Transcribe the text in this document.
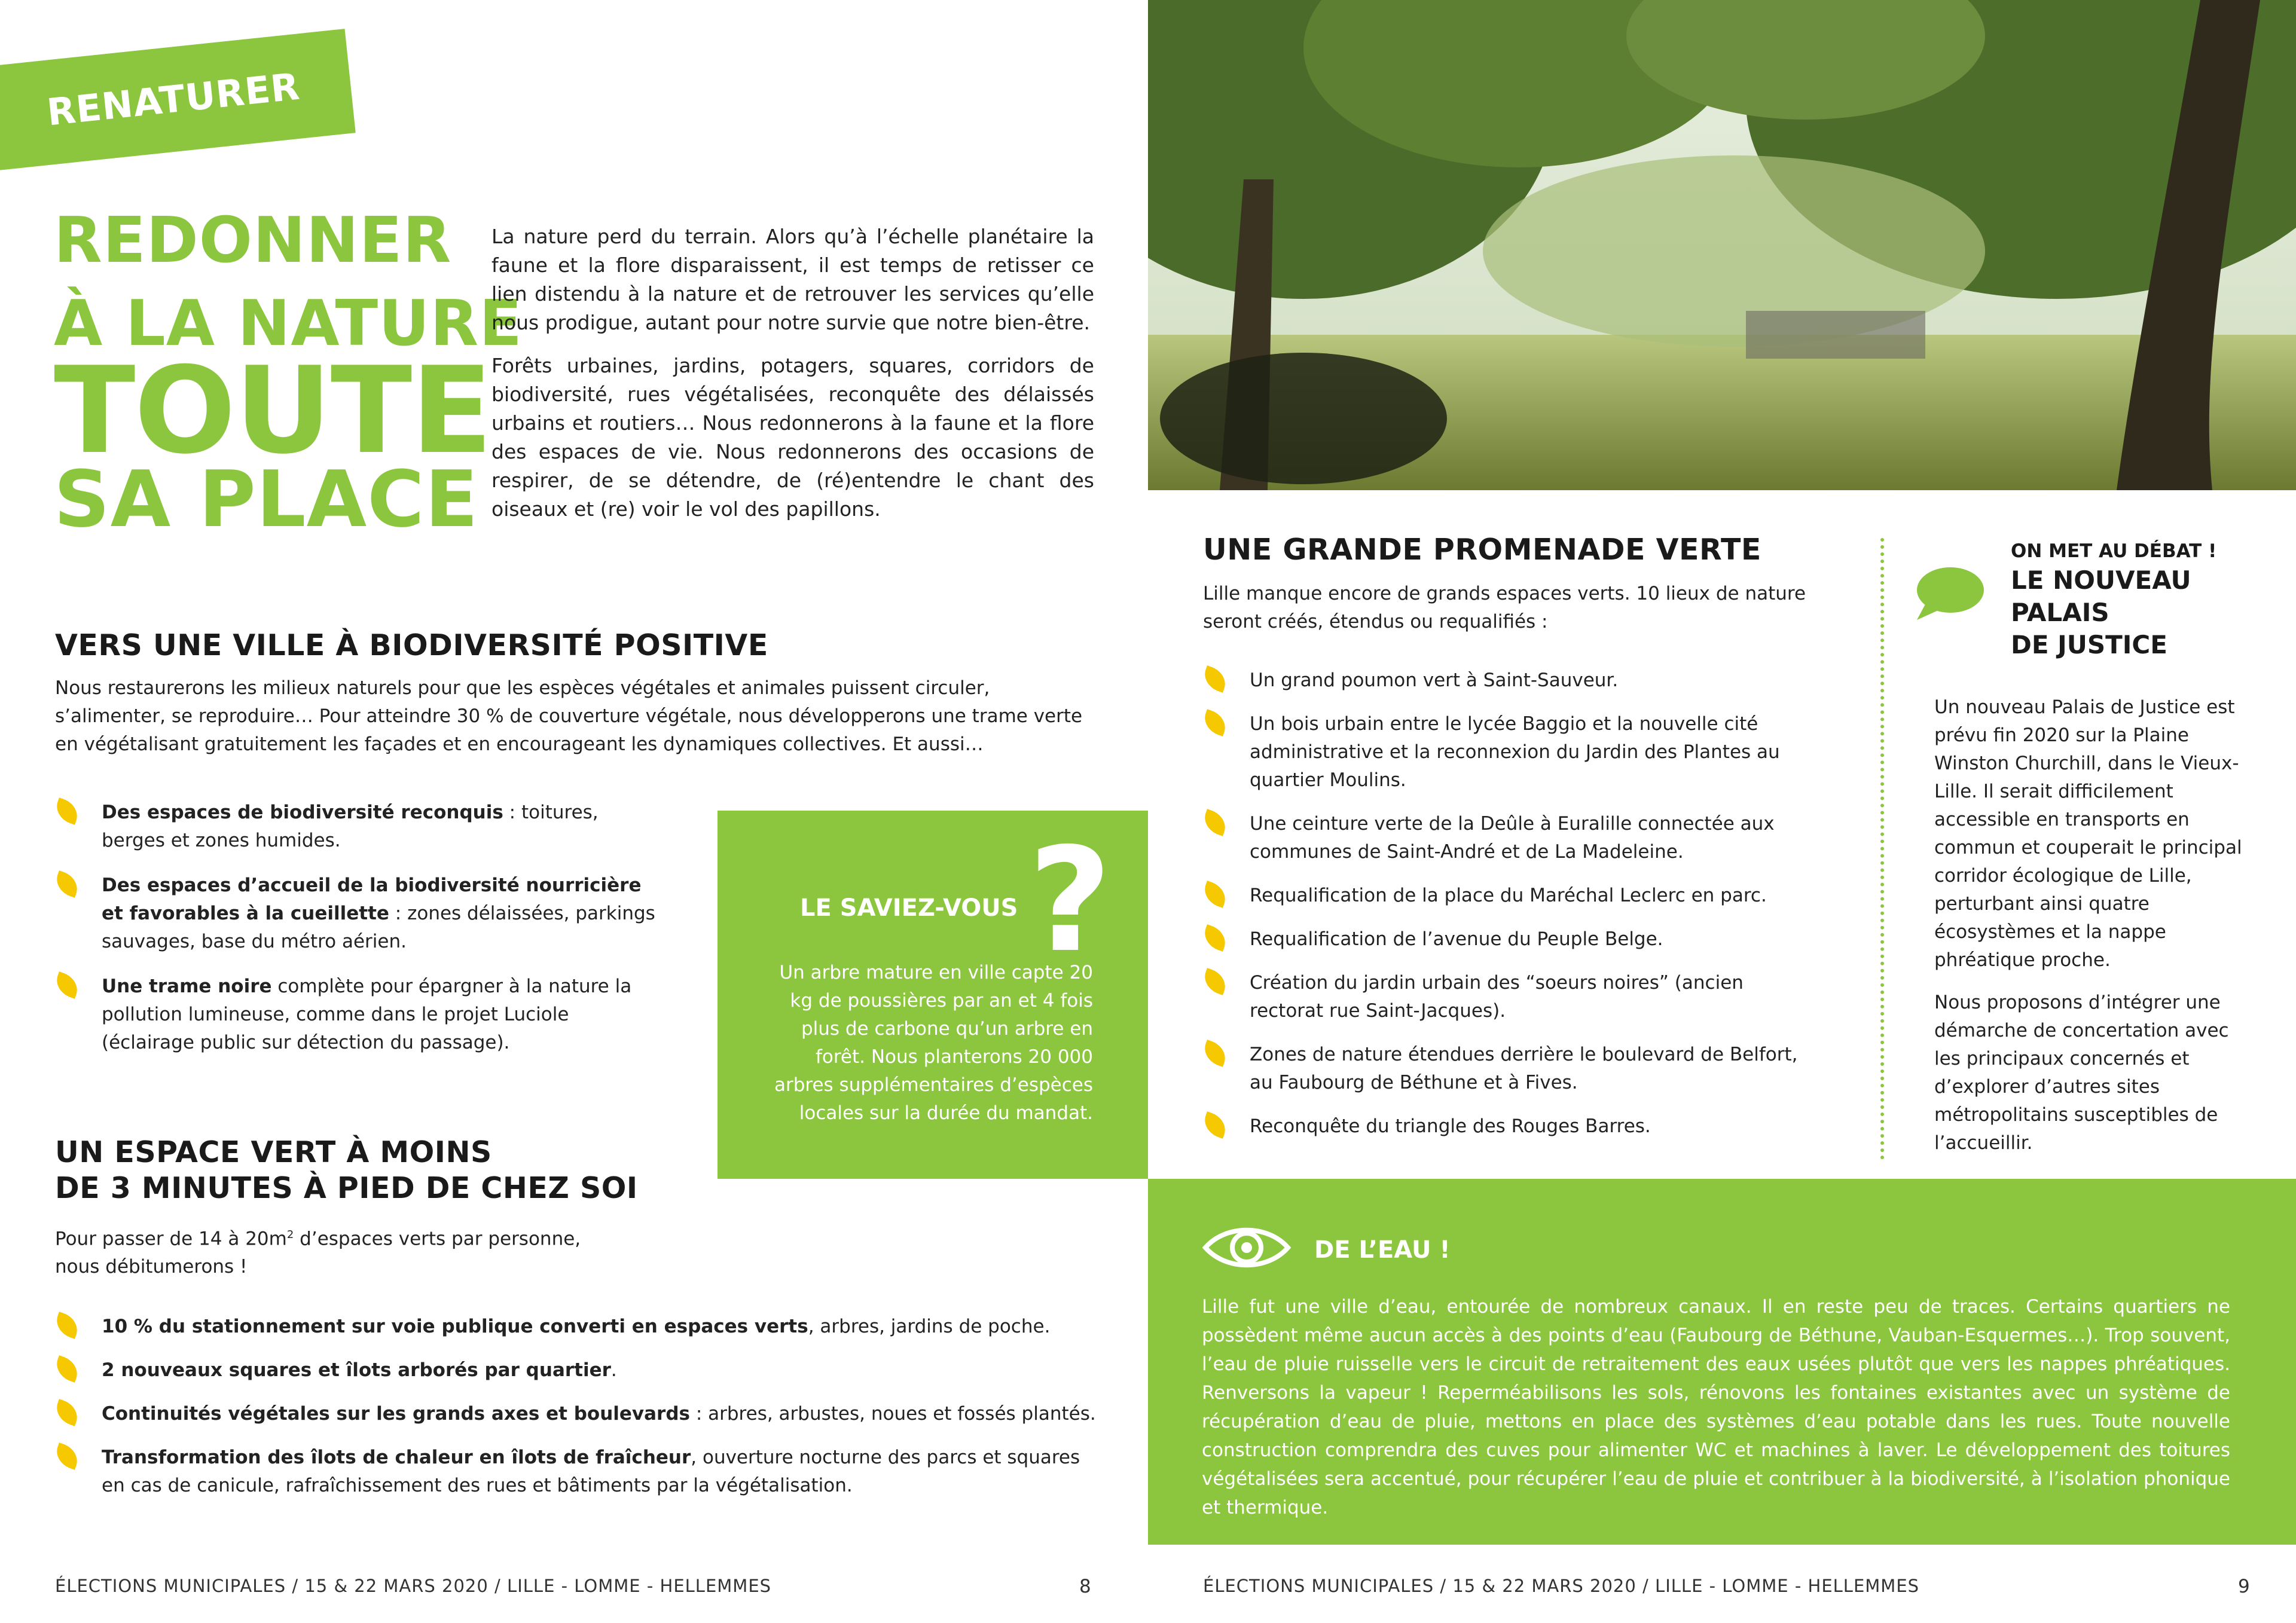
RENATURER
REDONNER
À LA NATURE
TOUTE
SA PLACE

La nature perd du terrain. Alors qu’à l’échelle planétaire la faune et la flore disparaissent, il est temps de retisser ce lien distendu à la nature et de retrouver les services qu’elle nous prodigue, autant pour notre survie que notre bien-être.

Forêts urbaines, jardins, potagers, squares, corridors de biodiversité, rues végétalisées, reconquête des délaissés urbains et routiers… Nous redonnerons à la faune et la flore des espaces de vie. Nous redonnerons des occasions de respirer, de se détendre, de (ré)entendre le chant des oiseaux et (re) voir le vol des papillons.

VERS UNE VILLE À BIODIVERSITÉ POSITIVE
Nous restaurerons les milieux naturels pour que les espèces végétales et animales puissent circuler, s’alimenter, se reproduire… Pour atteindre 30 % de couverture végétale, nous développerons une trame verte en végétalisant gratuitement les façades et en encourageant les dynamiques collectives. Et aussi…
Des espaces de biodiversité reconquis : toitures, berges et zones humides.
Des espaces d’accueil de la biodiversité nourricière et favorables à la cueillette : zones délaissées, parkings sauvages, base du métro aérien.
Une trame noire complète pour épargner à la nature la pollution lumineuse, comme dans le projet Luciole (éclairage public sur détection du passage).
?
LE SAVIEZ-VOUS
Un arbre mature en ville capte 20 kg de poussières par an et 4 fois plus de carbone qu’un arbre en forêt. Nous planterons 20 000 arbres supplémentaires d’espèces locales sur la durée du mandat.
UN ESPACE VERT À MOINS
DE 3 MINUTES À PIED DE CHEZ SOI
Pour passer de 14 à $20m^2$ d’espaces verts par personne, nous débitumerons !
10 % du stationnement sur voie publique converti en espaces verts, arbres, jardins de poche.
2 nouveaux squares et îlots arborés par quartier.
Continuités végétales sur les grands axes et boulevards : arbres, arbustes, noues et fossés plantés.
Transformation des îlots de chaleur en îlots de fraîcheur, ouverture nocturne des parcs et squares en cas de canicule, rafraîchissement des rues et bâtiments par la végétalisation.
ÉLECTIONS MUNICIPALES / 15 & 22 MARS 2020 / LILLE - LOMME - HELLEMMES	8
UNE GRANDE PROMENADE VERTE
Lille manque encore de grands espaces verts. 10 lieux de nature seront créés, étendus ou requalifiés :
Un grand poumon vert à Saint-Sauveur.
Un bois urbain entre le lycée Baggio et la nouvelle cité administrative et la reconnexion du Jardin des Plantes au quartier Moulins.
Une ceinture verte de la Deûle à Euralille connectée aux communes de Saint-André et de La Madeleine.
Requalification de la place du Maréchal Leclerc en parc.
Requalification de l’avenue du Peuple Belge.
Création du jardin urbain des “soeurs noires” (ancien rectorat rue Saint-Jacques).
Zones de nature étendues derrière le boulevard de Belfort, au Faubourg de Béthune et à Fives.
Reconquête du triangle des Rouges Barres.
ON MET AU DÉBAT !
LE NOUVEAU
PALAIS
DE JUSTICE

Un nouveau Palais de Justice est prévu fin 2020 sur la Plaine Winston Churchill, dans le Vieux-Lille. Il serait difficilement accessible en transports en commun et couperait le principal corridor écologique de Lille, perturbant ainsi quatre écosystèmes et la nappe phréatique proche.

Nous proposons d’intégrer une démarche de concertation avec les principaux concernés et d’explorer d’autres sites métropolitains susceptibles de l’accueillir.

DE L’EAU !
Lille fut une ville d’eau, entourée de nombreux canaux. Il en reste peu de traces. Certains quartiers ne possèdent même aucun accès à des points d’eau (Faubourg de Béthune, Vauban-Esquermes…). Trop souvent, l’eau de pluie ruisselle vers le circuit de retraitement des eaux usées plutôt que vers les nappes phréatiques. Renversons la vapeur ! Reperméabilisons les sols, rénovons les fontaines existantes avec un système de récupération d’eau de pluie, mettons en place des systèmes d’eau potable dans les rues. Toute nouvelle construction comprendra des cuves pour alimenter WC et machines à laver. Le développement des toitures végétalisées sera accentué, pour récupérer l’eau de pluie et contribuer à la biodiversité, à l’isolation phonique et thermique.
ÉLECTIONS MUNICIPALES / 15 & 22 MARS 2020 / LILLE - LOMME - HELLEMMES	9
